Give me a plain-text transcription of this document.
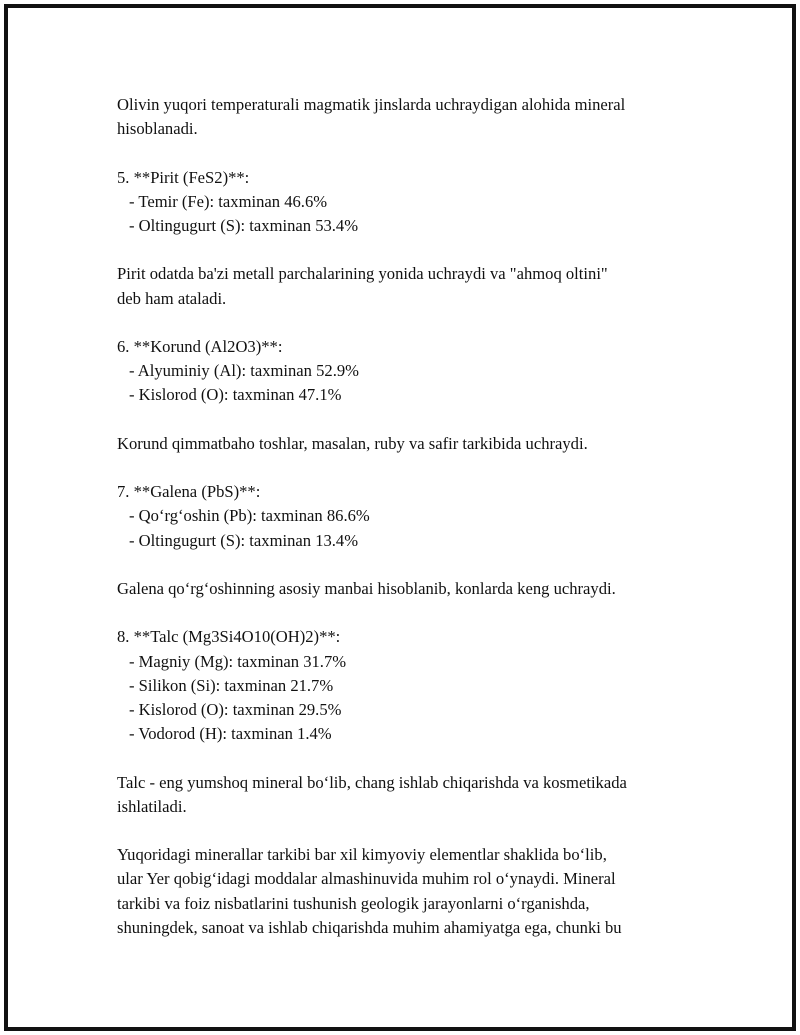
Olivin yuqori temperaturali magmatik jinslarda uchraydigan alohida mineral
hisoblanadi.
5. **Pirit (FeS2)**:
- Temir (Fe): taxminan 46.6%
- Oltingugurt (S): taxminan 53.4%
Pirit odatda ba'zi metall parchalarining yonida uchraydi va "ahmoq oltini"
deb ham ataladi.
6. **Korund (Al2O3)**:
- Alyuminiy (Al): taxminan 52.9%
- Kislorod (O): taxminan 47.1%
Korund qimmatbaho toshlar, masalan, ruby va safir tarkibida uchraydi.
7. **Galena (PbS)**:
- Qo‘rg‘oshin (Pb): taxminan 86.6%
- Oltingugurt (S): taxminan 13.4%
Galena qo‘rg‘oshinning asosiy manbai hisoblanib, konlarda keng uchraydi.
8. **Talc (Mg3Si4O10(OH)2)**:
- Magniy (Mg): taxminan 31.7%
- Silikon (Si): taxminan 21.7%
- Kislorod (O): taxminan 29.5%
- Vodorod (H): taxminan 1.4%
Talc - eng yumshoq mineral bo‘lib, chang ishlab chiqarishda va kosmetikada
ishlatiladi.
Yuqoridagi minerallar tarkibi bar xil kimyoviy elementlar shaklida bo‘lib,
ular Yer qobig‘idagi moddalar almashinuvida muhim rol o‘ynaydi. Mineral
tarkibi va foiz nisbatlarini tushunish geologik jarayonlarni o‘rganishda,
shuningdek, sanoat va ishlab chiqarishda muhim ahamiyatga ega, chunki bu
